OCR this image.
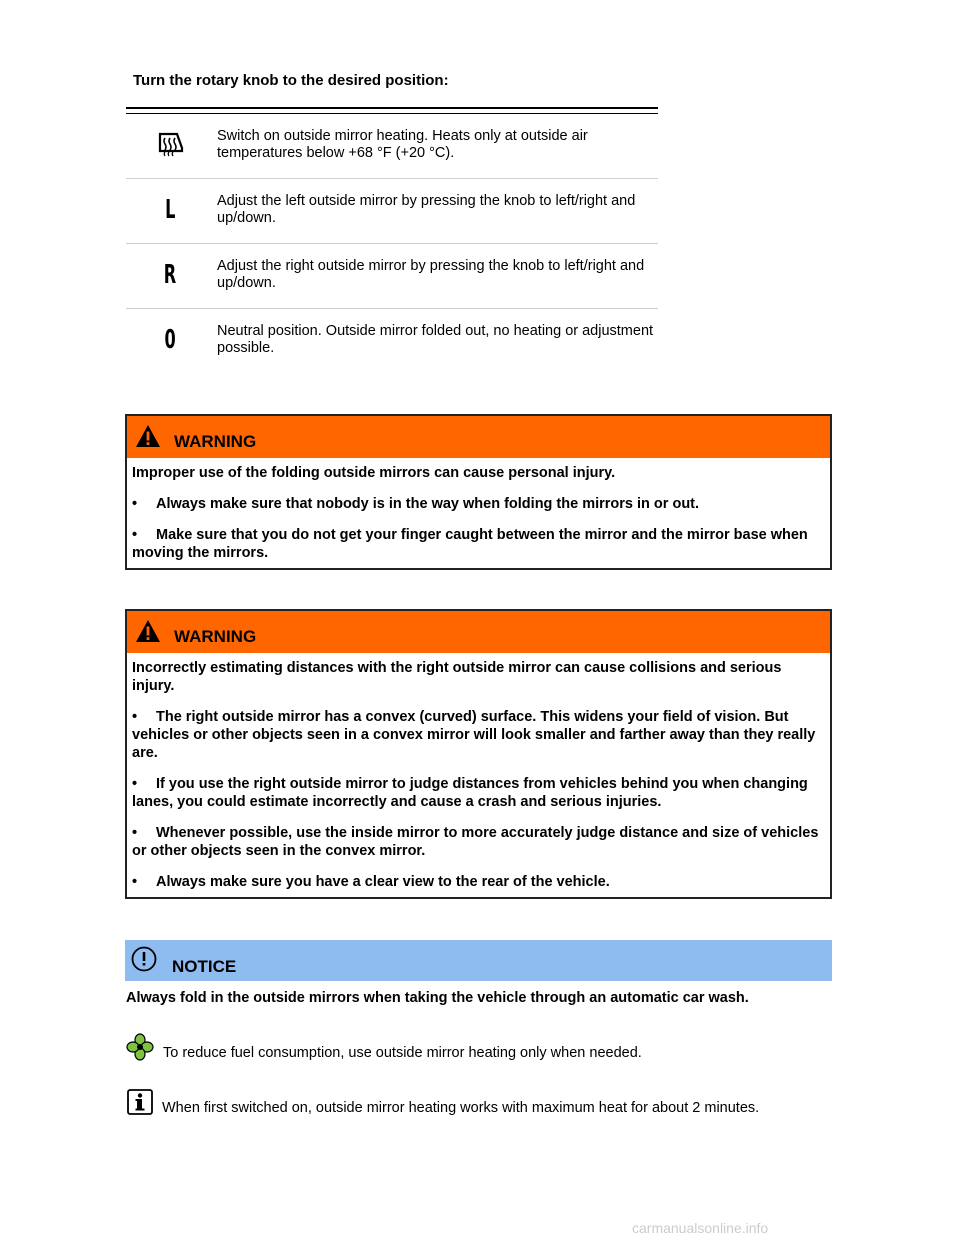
Turn the rotary knob to the desired position:
Switch on outside mirror heating. Heats only at outside air temperatures below +68 °F (+20 °C).
L	Adjust the left outside mirror by pressing the knob to left/right and up/down.
R	Adjust the right outside mirror by pressing the knob to left/right and up/down.
0	Neutral position. Outside mirror folded out, no heating or adjustment possible.
WARNING

Improper use of the folding outside mirrors can cause personal injury.

• Always make sure that nobody is in the way when folding the mirrors in or out.

• Make sure that you do not get your finger caught between the mirror and the mirror base when moving the mirrors.

WARNING

Incorrectly estimating distances with the right outside mirror can cause collisions and serious injury.

• The right outside mirror has a convex (curved) surface. This widens your field of vision. But vehicles or other objects seen in a convex mirror will look smaller and farther away than they really are.

• If you use the right outside mirror to judge distances from vehicles behind you when changing lanes, you could estimate incorrectly and cause a crash and serious injuries.

• Whenever possible, use the inside mirror to more accurately judge distance and size of vehicles or other objects seen in the convex mirror.

• Always make sure you have a clear view to the rear of the vehicle.

NOTICE
Always fold in the outside mirrors when taking the vehicle through an automatic car wash.
To reduce fuel consumption, use outside mirror heating only when needed.
When first switched on, outside mirror heating works with maximum heat for about 2 minutes.
carmanualsonline.info
